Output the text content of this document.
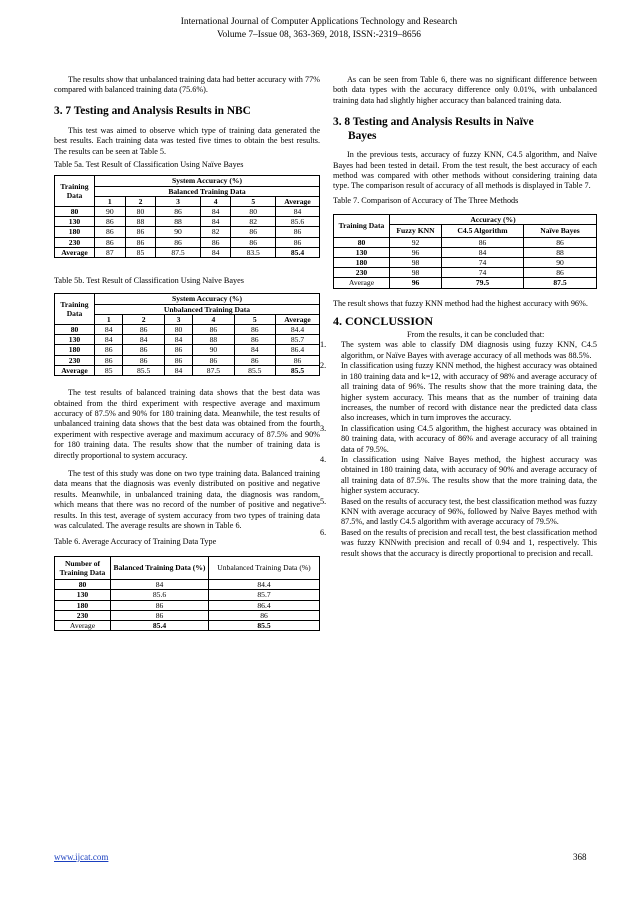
International Journal of Computer Applications Technology and Research
Volume 7–Issue 08, 363-369, 2018, ISSN:-2319–8656

The results show that unbalanced training data had better accuracy with 77% compared with balanced training data (75.6%).

3. 7 Testing and Analysis Results in NBC

This test was aimed to observe which type of training data generated the best results. Each training data was tested five times to obtain the best results. The results can be seen at Table 5.

Table 5a. Test Result of Classification Using Naïve Bayes
Training Data	System Accuracy (%)					
	Balanced Training Data					
	1	2	3	4	5	Average
80	90	80	86	84	80	84
130	86	88	88	84	82	85.6
180	86	86	90	82	86	86
230	86	86	86	86	86	86
Average	87	85	87.5	84	83.5	85.4
Table 5b. Test Result of Classification Using Naïve Bayes
Training Data	System Accuracy (%)					
	Unbalanced Training Data					
	1	2	3	4	5	Average
80	84	86	80	86	86	84.4
130	84	84	84	88	86	85.7
180	86	86	86	90	84	86.4
230	86	86	86	86	86	86
Average	85	85.5	84	87.5	85.5	85.5

The test results of balanced training data shows that the best data was obtained from the third experiment with respective average and maximum accuracy of 87.5% and 90% for 180 training data. Meanwhile, the test results of unbalanced training data shows that the best data was obtained from the fourth experiment with respective average and maximum accuracy of 87.5% and 90% for 180 training data. The results show that the number of training data is directly proportional to system accuracy.

The test of this study was done on two type training data. Balanced training data means that the diagnosis was evenly distributed on positive and negative results. Meanwhile, in unbalanced training data, the diagnosis was random, which means that there was no record of the number of positive and negative results. In this test, average of system accuracy from two types of training data was calculated. The average results are shown in Table 6.

Table 6. Average Accuracy of Training Data Type
Number of Training Data	Balanced Training Data (%)	Unbalanced Training Data (%)
80	84	84.4
130	85.6	85.7
180	86	86.4
230	86	86
Average	85.4	85.5

As can be seen from Table 6, there was no significant difference between both data types with the accuracy difference only 0.01%, with unbalanced training data had slightly higher accuracy than balanced training data.

3. 8 Testing and Analysis Results in Naïve
Bayes

In the previous tests, accuracy of fuzzy KNN, C4.5 algorithm, and Naïve Bayes had been tested in detail. From the test result, the best accuracy of each method was compared with other methods without considering training data type. The comparison result of accuracy of all methods is displayed in Table 7.

Table 7. Comparison of Accuracy of The Three Methods
Training Data	Accuracy (%)		
	Fuzzy KNN	C4.5 Algorithm	Naïve Bayes
80	92	86	86
130	96	84	88
180	98	74	90
230	98	74	86
Average	96	79.5	87.5

The result shows that fuzzy KNN method had the highest accuracy with 96%.

4. CONCLUSSION

From the results, it can be concluded that:

1. The system was able to classify DM diagnosis using fuzzy KNN, C4.5 algorithm, or Naïve Bayes with average accuracy of all methods was 88.5%.
2. In classification using fuzzy KNN method, the highest accuracy was obtained in 180 training data and k=12, with accuracy of 98% and average accuracy of all training data of 96%. The results show that the more training data, the higher system accuracy. This means that as the number of training data increases, the number of record with distance near the predicted data class also increases, which in turn improves the accuracy.
3. In classification using C4.5 algorithm, the highest accuracy was obtained in 80 training data, with accuracy of 86% and average accuracy of all training data of 79.5%.
4. In classification using Naïve Bayes method, the highest accuracy was obtained in 180 training data, with accuracy of 90% and average accuracy of all training data of 87.5%. The results show that the more training data, the higher system accuracy.
5. Based on the results of accuracy test, the best classification method was fuzzy KNN with average accuracy of 96%, followed by Naïve Bayes method with 87.5%, and lastly C4.5 algorithm with average accuracy of 79.5%.
6. Based on the results of precision and recall test, the best classification method was fuzzy KNNwith precision and recall of 0.94 and 1, respectively. This result shows that the accuracy is directly proportional to precision and recall.
www.ijcat.com	368
